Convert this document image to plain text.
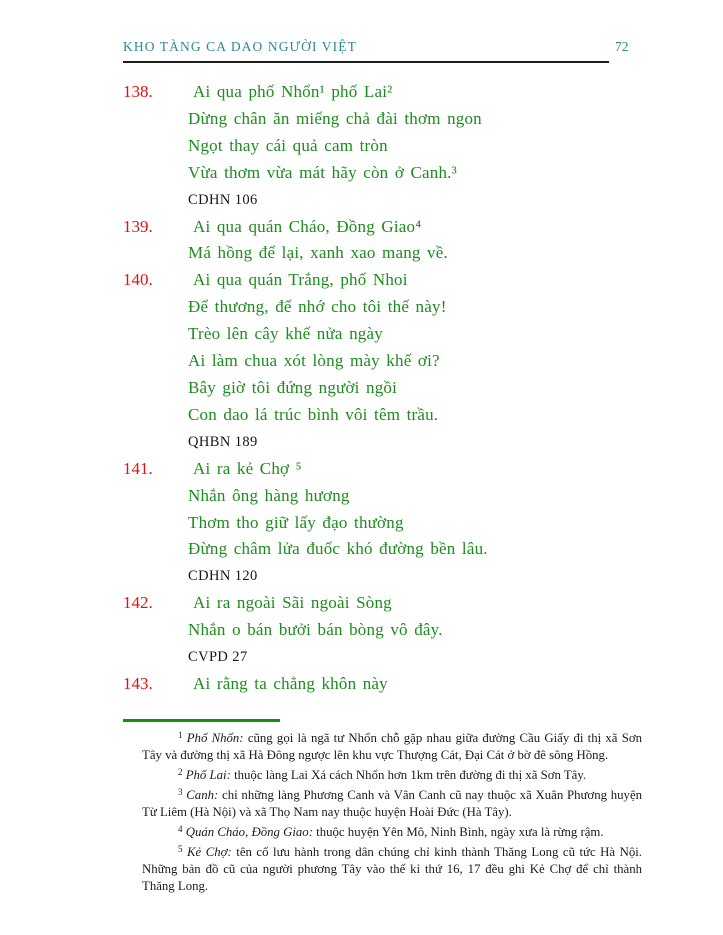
KHO TÀNG CA DAO NGƯỜI VIỆT	72
138. Ai qua phố Nhổn¹ phố Lai²
Dừng chân ăn miếng chả đài thơm ngon
Ngọt thay cái quả cam tròn
Vừa thơm vừa mát hãy còn ở Canh.³
CDHN 106
139. Ai qua quán Cháo, Đồng Giao⁴
Má hồng để lại, xanh xao mang về.
140. Ai qua quán Trắng, phố Nhoi
Để thương, để nhớ cho tôi thế này!
Trèo lên cây khế nửa ngày
Ai làm chua xót lòng mày khế ơi?
Bây giờ tôi đứng người ngồi
Con dao lá trúc bình vôi têm trầu.
QHBN 189
141. Ai ra kẻ Chợ ⁵
Nhắn ông hàng hương
Thơm tho giữ lấy đạo thường
Đừng châm lửa đuốc khó đường bền lâu.
CDHN 120
142. Ai ra ngoài Sãi ngoài Sòng
Nhắn o bán bưởi bán bòng vô đây.
CVPD 27
143. Ai rằng ta chẳng khôn này

$^1$ Phố Nhổn: cũng gọi là ngã tư Nhổn chỗ gặp nhau giữa đường Cầu Giấy đi thị xã Sơn Tây và đường thị xã Hà Đông ngược lên khu vực Thượng Cát, Đại Cát ở bờ đê sông Hồng.

$^2$ Phố Lai: thuộc làng Lai Xá cách Nhổn hơn 1km trên đường đi thị xã Sơn Tây.

$^3$ Canh: chỉ những làng Phương Canh và Vân Canh cũ nay thuộc xã Xuân Phương huyện Từ Liêm (Hà Nội) và xã Thọ Nam nay thuộc huyện Hoài Đức (Hà Tây).

$^4$ Quán Cháo, Đồng Giao: thuộc huyện Yên Mô, Ninh Bình, ngày xưa là rừng rậm.

$^5$ Kẻ Chợ: tên cổ lưu hành trong dân chúng chỉ kinh thành Thăng Long cũ tức Hà Nội. Những bản đồ cũ của người phương Tây vào thế kỉ thứ 16, 17 đều ghi Kẻ Chợ để chỉ thành Thăng Long.
